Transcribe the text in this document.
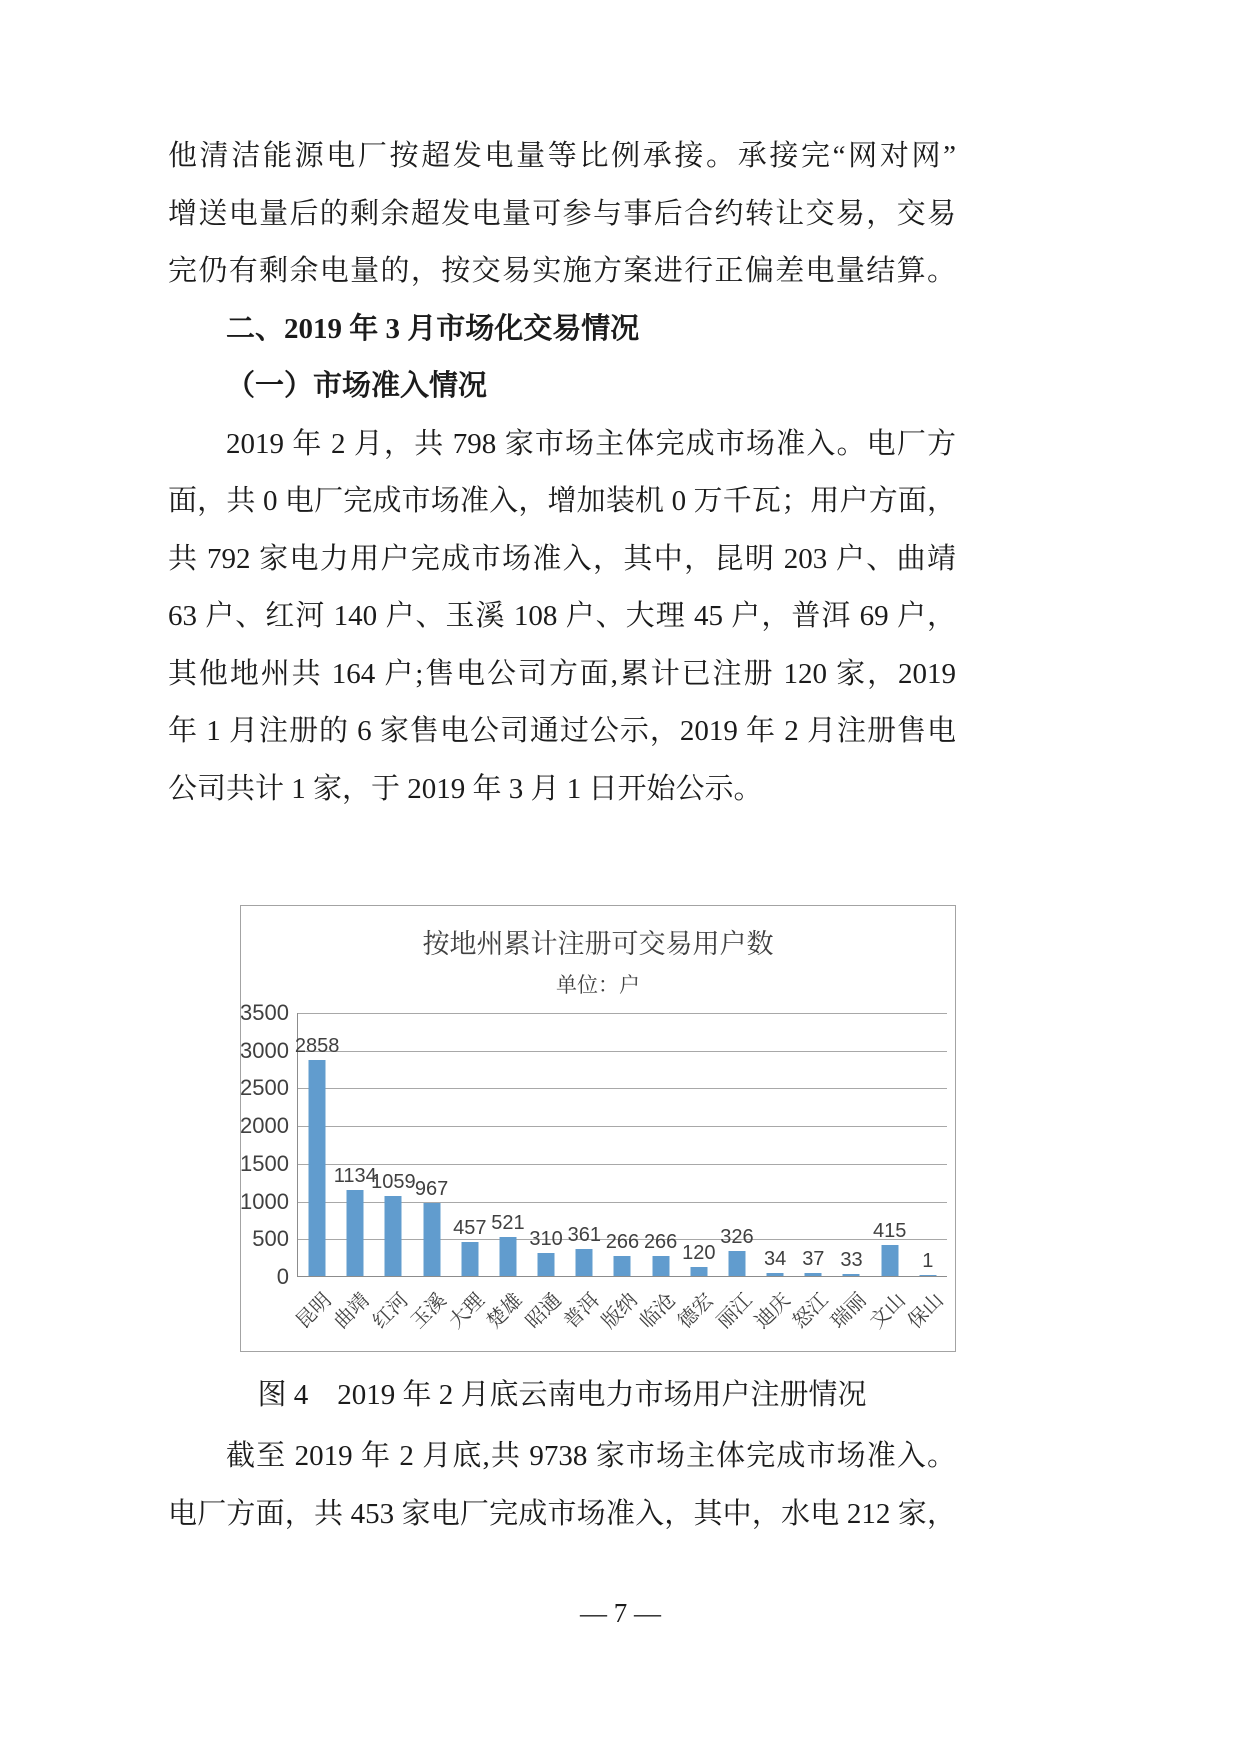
他清洁能源电厂按超发电量等比例承接。承接完“网对网”
增送电量后的剩余超发电量可参与事后合约转让交易，交易
完仍有剩余电量的，按交易实施方案进行正偏差电量结算。
二、2019 年 3 月市场化交易情况
（一）市场准入情况
2019 年 2 月，共 798 家市场主体完成市场准入。电厂方
面，共 0 电厂完成市场准入，增加装机 0 万千瓦；用户方面，
共 792 家电力用户完成市场准入，其中，昆明 203 户、曲靖
63 户、红河 140 户、玉溪 108 户、大理 45 户，普洱 69 户，
其他地州共 164 户;售电公司方面,累计已注册 120 家，2019
年 1 月注册的 6 家售电公司通过公示，2019 年 2 月注册售电
公司共计 1 家，于 2019 年 3 月 1 日开始公示。
按地州累计注册可交易用户数
单位：户
0
500
1000
1500
2000
2500
3000
3500
2858
1134
1059 967
457 521
310 361 266 266 120
326
34 37 33
415
1
昆明
曲靖
红河
玉溪
大理
楚雄
昭通
普洱
版纳
临沧
德宏
丽江
迪庆
怒江
瑞丽
文山
保山
图 4　2019 年 2 月底云南电力市场用户注册情况
截至 2019 年 2 月底,共 9738 家市场主体完成市场准入。
电厂方面，共 453 家电厂完成市场准入，其中，水电 212 家，
— 7 —
